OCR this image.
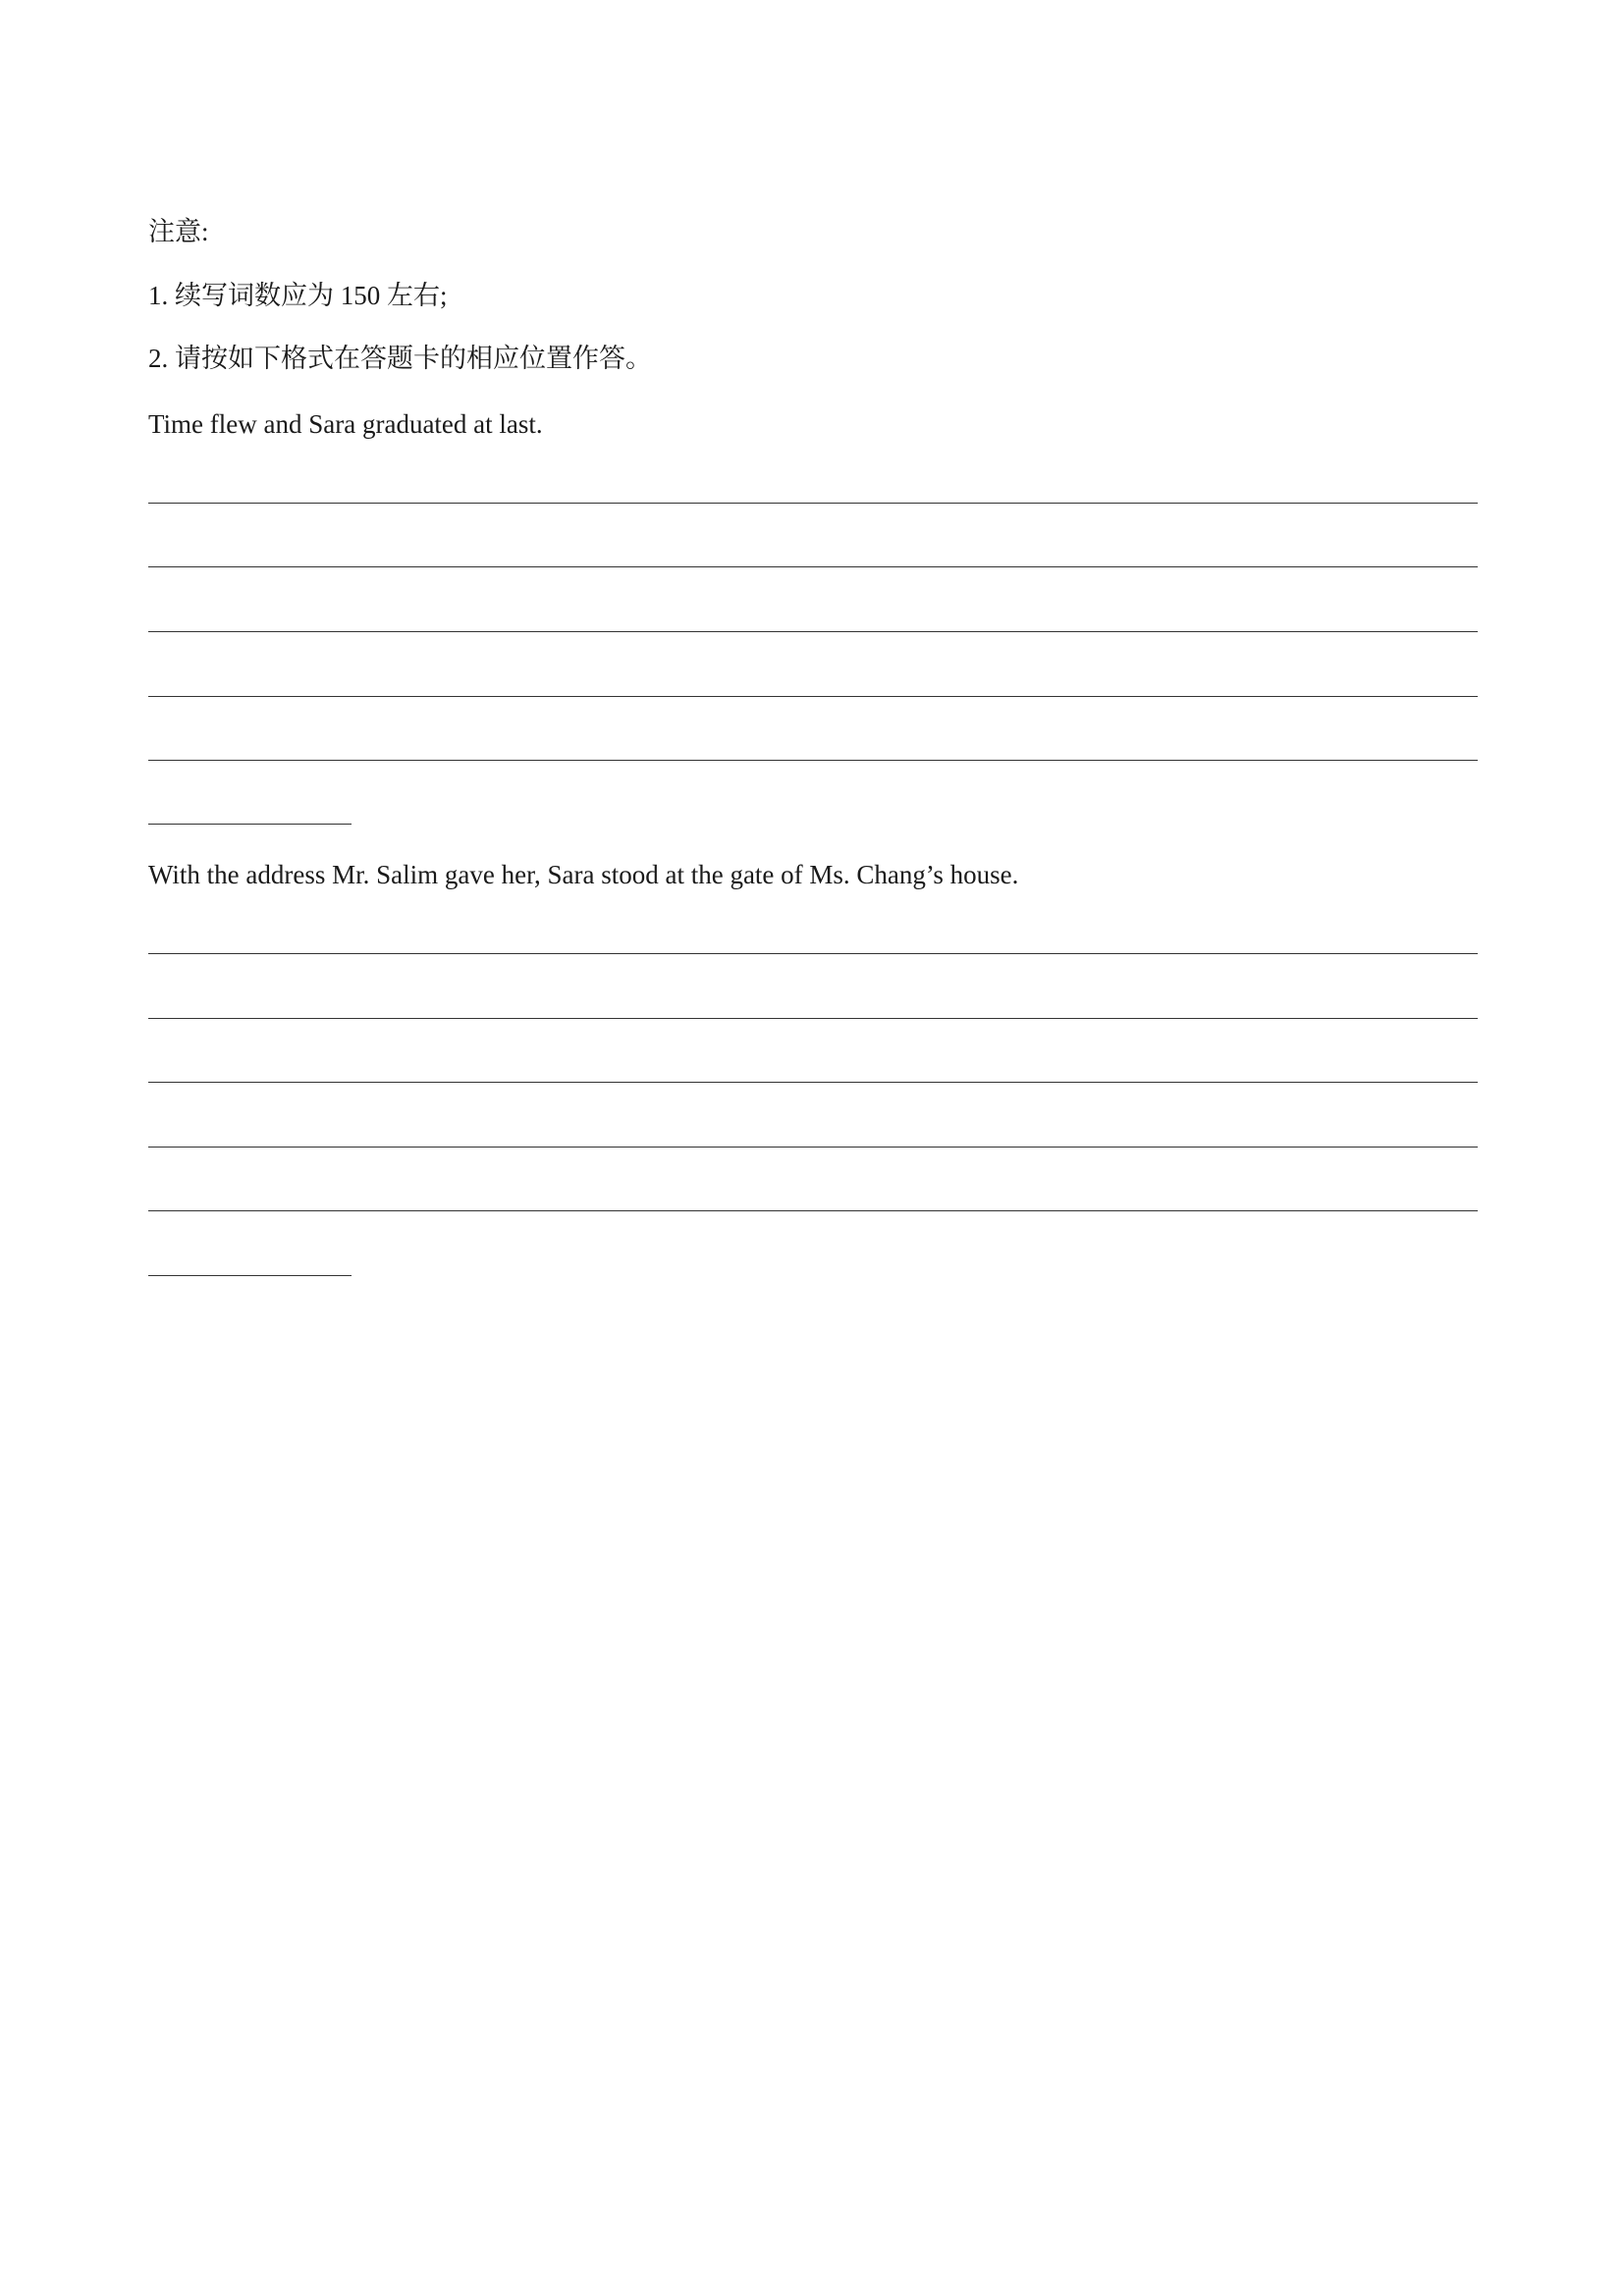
注意:

1. 续写词数应为 150 左右;

2. 请按如下格式在答题卡的相应位置作答。

Time flew and Sara graduated at last.

With the address Mr. Salim gave her, Sara stood at the gate of Ms. Chang’s house.
